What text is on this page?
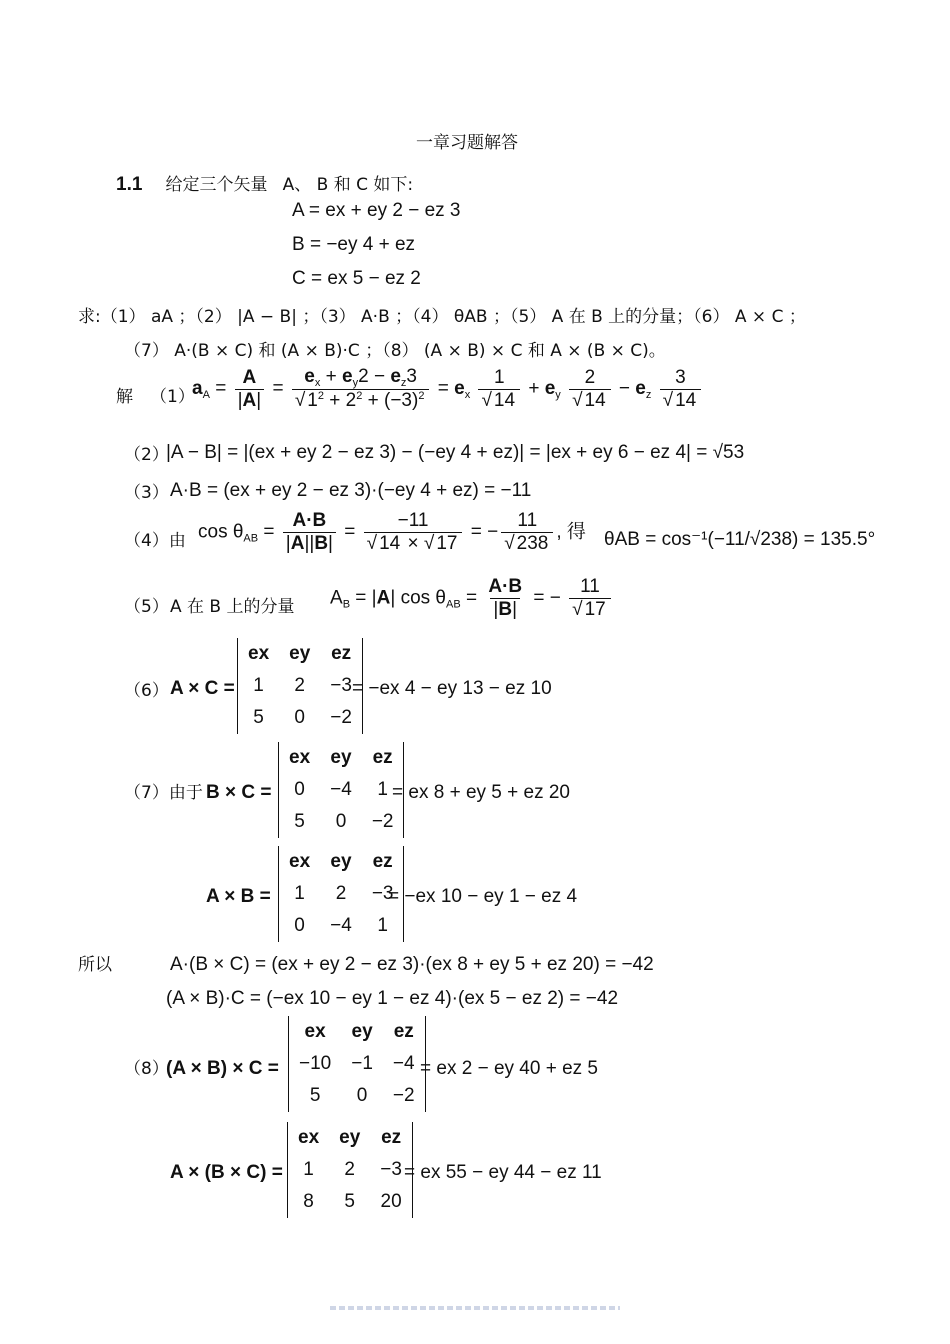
一章习题解答
1.1 给定三个矢量 A、 B 和 C 如下:
A = ex + ey 2 − ez 3
B = −ey 4 + ez
C = ex 5 − ez 2
求:（1） aA ；（2） |A − B| ；（3） A·B ；（4） θAB ；（5） A 在 B 上的分量；（6） A × C ；
（7） A·(B × C) 和 (A × B)·C ；（8） (A × B) × C 和 A × (B × C)。
解 （1）
$a_A = \frac{A}{|A|} = \frac{e_x + e_y2 - e_z3}{√ 1^2 + 2^2 + (-3)^2} = e_x \frac{1}{√ 14} + e_y \frac{2}{√ 14} - e_z \frac{3}{√ 14}$
（2）
|A − B| = |(ex + ey 2 − ez 3) − (−ey 4 + ez)| = |ex + ey 6 − ez 4| = √53
（3） A·B = (ex + ey 2 − ez 3)·(−ey 4 + ez) = −11
（4）由 $\cos \theta_{AB} = \frac{A\cdot B}{|A||B|} = \frac{-11}{√ 14 \times √ 17}$ = − $\frac{11}{√ 238}$ , 得 θAB = cos⁻¹(−11/√238) = 135.5°
（5） A 在 B 上的分量 $A_B = |A|$ $\cos \theta_{AB} = \frac{A\cdot B}{|B|}$ = − $\frac{11}{√ 17}$
（6） A × C =
ex	ey	ez
1	2	−3
5	0	−2
= −ex 4 − ey 13 − ez 10
（7）由于 B × C =
ex	ey	ez
0	−4	1
5	0	−2
= ex 8 + ey 5 + ez 20
A × B =
ex	ey	ez
1	2	−3
0	−4	1
= −ex 10 − ey 1 − ez 4
所以	A·(B × C) = (ex + ey 2 − ez 3)·(ex 8 + ey 5 + ez 20) = −42
(A × B)·C = (−ex 10 − ey 1 − ez 4)·(ex 5 − ez 2) = −42
（8）
(A × B) × C =
ex	ey	ez
−10	−1	−4
5	0	−2
= ex 2 − ey 40 + ez 5
A × (B × C) =
ex	ey	ez
1	2	−3
8	5	20
= ex 55 − ey 44 − ez 11
